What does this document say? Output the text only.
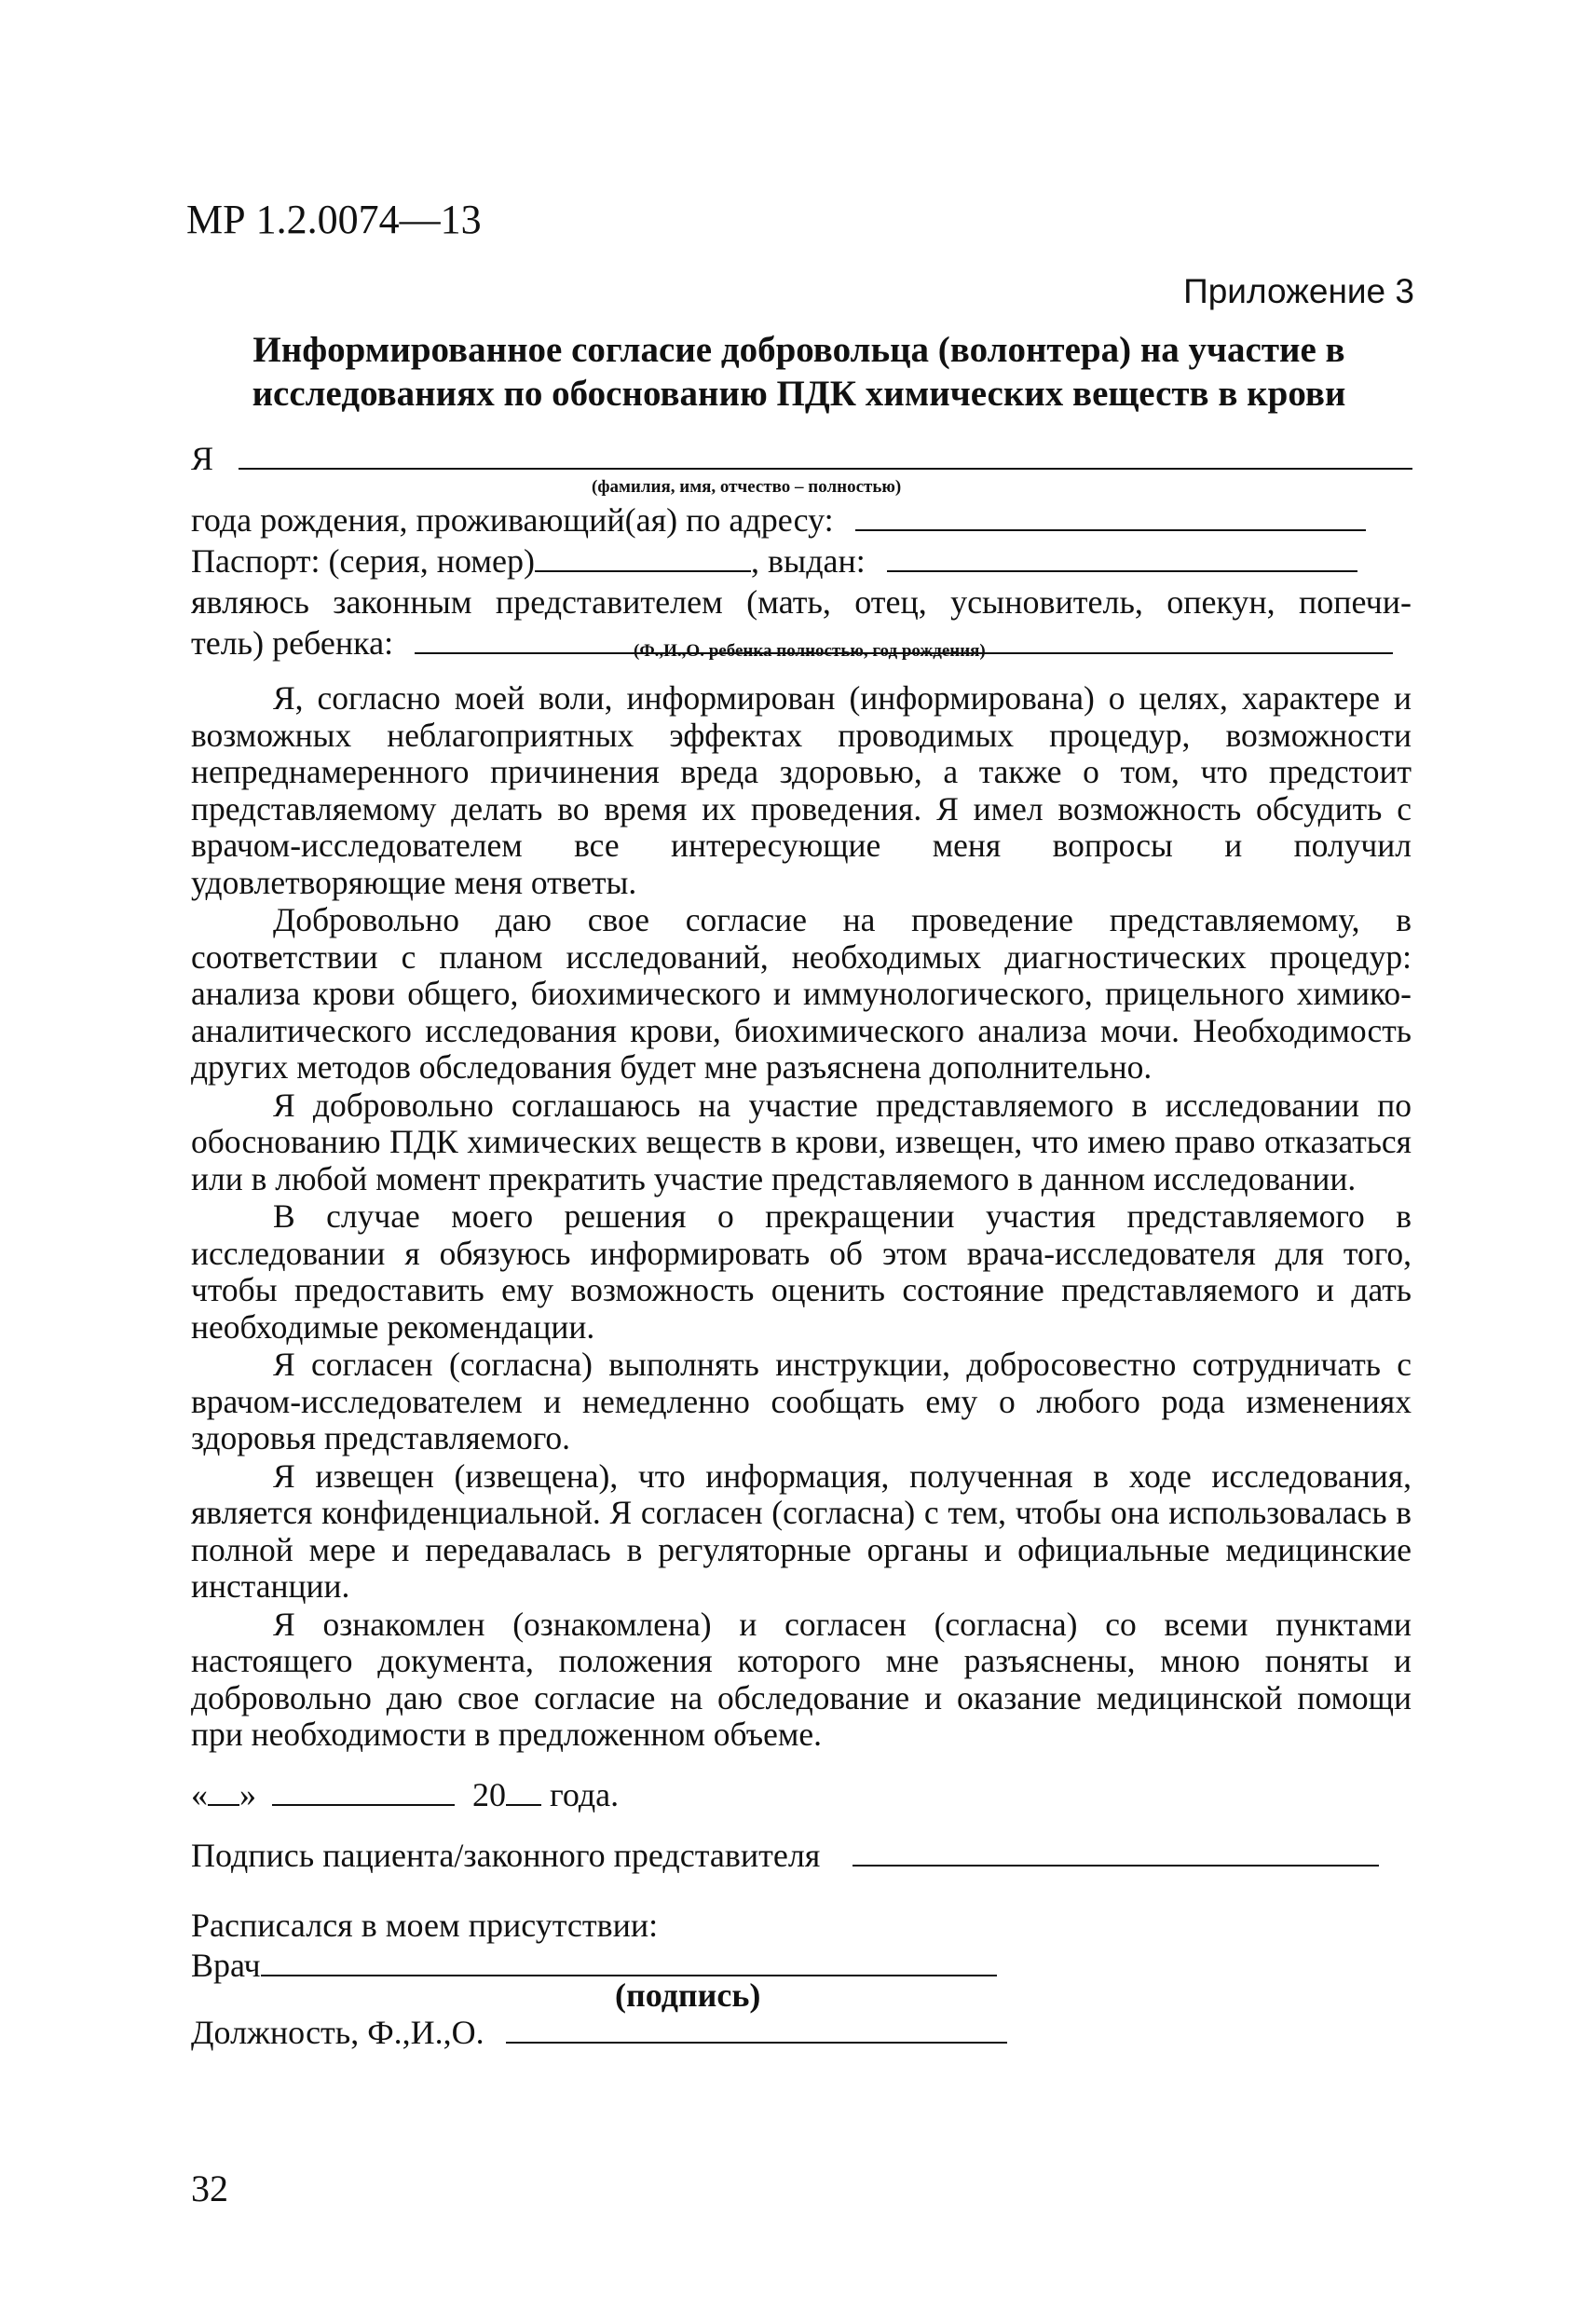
МР 1.2.0074—13
Приложение 3
Информированное согласие добровольца (волонтера) на участие в исследованиях по обоснованию ПДК химических веществ в крови
Я
(фамилия, имя, отчество – полностью)
года рождения, проживающий(ая) по адресу:
Паспорт: (серия, номер)	, выдан:
являюсь законным представителем (мать, отец, усыновитель, опекун, попечи-
тель) ребенка:	(Ф.,И.,О. ребенка полностью, год рождения)

Я, согласно моей воли, информирован (информирована) о целях, характере и возможных неблагоприятных эффектах проводимых процедур, возможности непреднамеренного причинения вреда здоровью, а также о том, что предстоит представляемому делать во время их проведения. Я имел возможность обсудить с врачом-исследователем все интересующие меня вопросы и получил удовлетворяющие меня ответы.

Добровольно даю свое согласие на проведение представляемому, в соответствии с планом исследований, необходимых диагностических процедур: анализа крови общего, биохимического и иммунологического, прицельного химико-аналитического исследования крови, биохимического анализа мочи. Необходимость других методов обследования будет мне разъяснена дополнительно.

Я добровольно соглашаюсь на участие представляемого в исследовании по обоснованию ПДК химических веществ в крови, извещен, что имею право отказаться или в любой момент прекратить участие представляемого в данном исследовании.

В случае моего решения о прекращении участия представляемого в исследовании я обязуюсь информировать об этом врача-исследователя для того, чтобы предоставить ему возможность оценить состояние представляемого и дать необходимые рекомендации.

Я согласен (согласна) выполнять инструкции, добросовестно сотрудничать с врачом-исследователем и немедленно сообщать ему о любого рода изменениях здоровья представляемого.

Я извещен (извещена), что информация, полученная в ходе исследования, является конфиденциальной. Я согласен (согласна) с тем, чтобы она использовалась в полной мере и передавалась в регуляторные органы и официальные медицинские инстанции.

Я ознакомлен (ознакомлена) и согласен (согласна) со всеми пунктами настоящего документа, положения которого мне разъяснены, мною поняты и добровольно даю свое согласие на обследование и оказание медицинской помощи при необходимости в предложенном объеме.

« »	20 года.
Подпись пациента/законного представителя
Расписался в моем присутствии:
Врач
(подпись)
Должность, Ф.,И.,О.
32
